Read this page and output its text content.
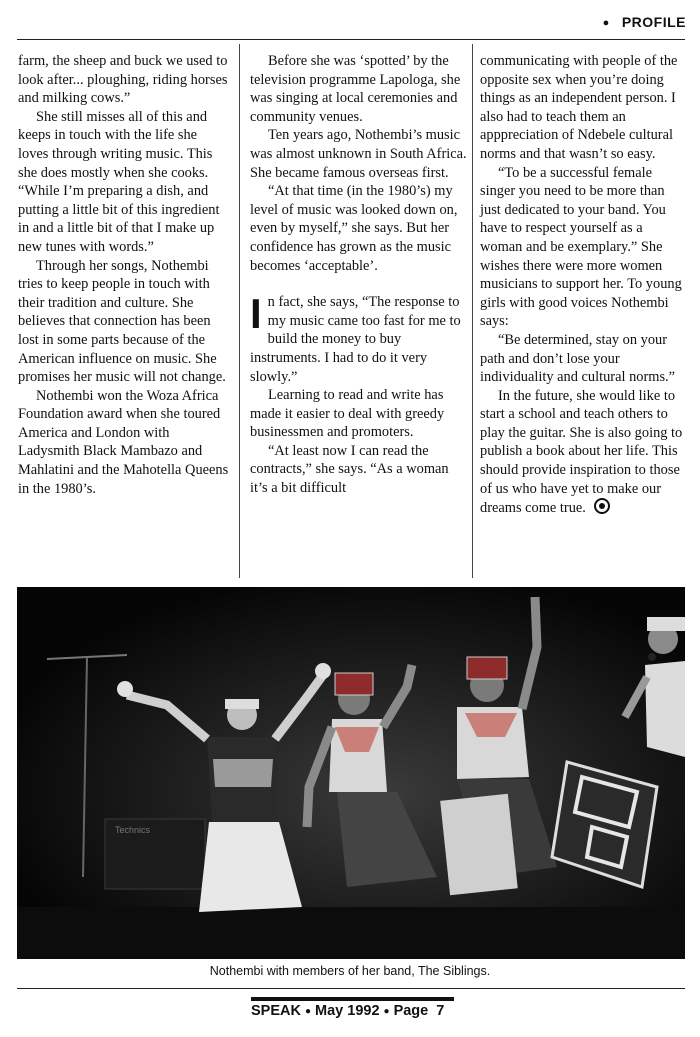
● PROFILE

farm, the sheep and buck we used to look after... ploughing, riding horses and milking cows.”

She still misses all of this and keeps in touch with the life she loves through writing music. This she does mostly when she cooks. “While I’m preparing a dish, and putting a little bit of this ingredient in and a little bit of that I make up new tunes with words.”

Through her songs, Nothembi tries to keep people in touch with their tradition and culture. She believes that connection has been lost in some parts because of the American influence on music. She promises her music will not change.

Nothembi won the Woza Africa Foundation award when she toured America and London with Ladysmith Black Mambazo and Mahlatini and the Mahotella Queens in the 1980’s.

Before she was ‘spotted’ by the television programme Lapologa, she was singing at local ceremonies and community venues.

Ten years ago, Nothembi’s music was almost unknown in South Africa. She became famous overseas first.

“At that time (in the 1980’s) my level of music was looked down on, even by myself,” she says. But her confidence has grown as the music becomes ‘acceptable’.

In fact, she says, “The response to my music came too fast for me to build the money to buy instruments. I had to do it very slowly.”

Learning to read and write has made it easier to deal with greedy businessmen and promoters.

“At least now I can read the contracts,” she says. “As a woman it’s a bit difficult

communicating with people of the opposite sex when you’re doing things as an independent person. I also had to teach them an apppreciation of Ndebele cultural norms and that wasn’t so easy.

“To be a successful female singer you need to be more than just dedicated to your band. You have to respect yourself as a woman and be exemplary.” She wishes there were more women musicians to support her. To young girls with good voices Nothembi says:

“Be determined, stay on your path and don’t lose your individuality and cultural norms.”

In the future, she would like to start a school and teach others to play the guitar. She is also going to publish a book about her life. This should provide inspiration to those of us who have yet to make our dreams come true.

Technics
Nothembi with members of her band, The Siblings.
SPEAK ● May 1992 ● Page 7
